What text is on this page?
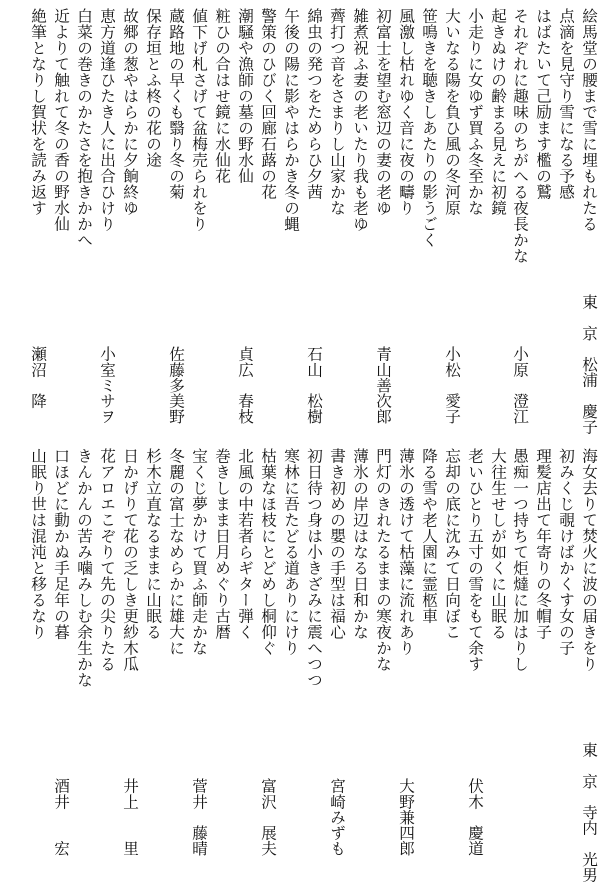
絵馬堂の腰まで雪に埋もれたる
点滴を見守り雪になる予感
はばたいて己励ます檻の鷲
それぞれに趣味のちがへる夜長かな
起きぬけの齢まる見えに初鏡
小走りに女ゆず買ふ冬至かな
大いなる陽を負ひ風の冬河原
笹鳴きを聴きしあたりの影うごく
風激し枯れゆく音に夜の疇り
初富士を望む窓辺の妻の老ゆ
雑煮祝ふ妻の老いたり我も老ゆ
薺打つ音をさまりし山家かな
綿虫の発つをためらひ夕茜
午後の陽に影やはらかき冬の蝿
警策のひびく回廊石蕗の花
潮騒や漁師の墓の野水仙
粧ひの合はせ鏡に水仙花
値下げ札さげて盆梅売られをり
蔵路地の早くも翳り冬の菊
保存垣とふ柊の花の途
故郷の葱やはらかに夕餉終ゆ
恵方道逢ひたき人に出合ひけり
白菜の巻きのかたさを抱きかかへ
近よりて触れて冬の香の野水仙
絶筆となりし賀状を読み返す
東　京　松浦　慶子
小原　澄江
小松　愛子
青山善次郎
石山　松樹
貞広　春枝
佐藤多美野
小室ミサヲ
瀬沼　降
海女去りて焚火に波の届きをり
初みくじ覗けばかくす女の子
理髪店出て年寄りの冬帽子
愚痴一つ持ちて炬燵に加はりし
大往生せしが如くに山眠る
老いひとり五寸の雪をもて余す
忘却の底に沈みて日向ぼこ
降る雪や老人園に霊柩車
薄氷の透けて枯藻に流れあり
門灯のきれたるままの寒夜かな
薄氷の岸辺はなる日和かな
書き初めの嬰の手型は福心
初日待つ身は小きざみに震へつつ
寒林に吾たどる道ありにけり
枯葉なほ枝にとどめし桐仰ぐ
北風の中若者らギター弾く
巻きしまま日月めぐり古暦
宝くじ夢かけて買ふ師走かな
冬麗の富士なめらかに雄大に
杉木立直なるままに山眠る
日かげりて花の乏しき更紗木瓜
花アロエこぞりて先の尖りたる
きんかんの苦み噛みしむ余生かな
口ほどに動かぬ手足年の暮
山眠り世は混沌と移るなり
東　京　寺内　光男
伏木　慶道
大野兼四郎
宮崎みずも
富沢　展夫
菅井　藤晴
井上　　里
酒井　　宏
